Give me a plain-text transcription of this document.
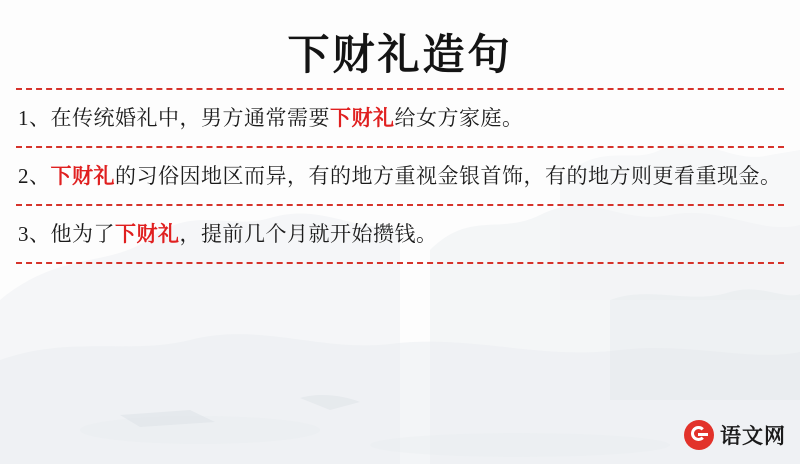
下财礼造句
1、在传统婚礼中，男方通常需要下财礼给女方家庭。
2、下财礼的习俗因地区而异，有的地方重视金银首饰，有的地方则更看重现金。
3、他为了下财礼，提前几个月就开始攒钱。
语文网
